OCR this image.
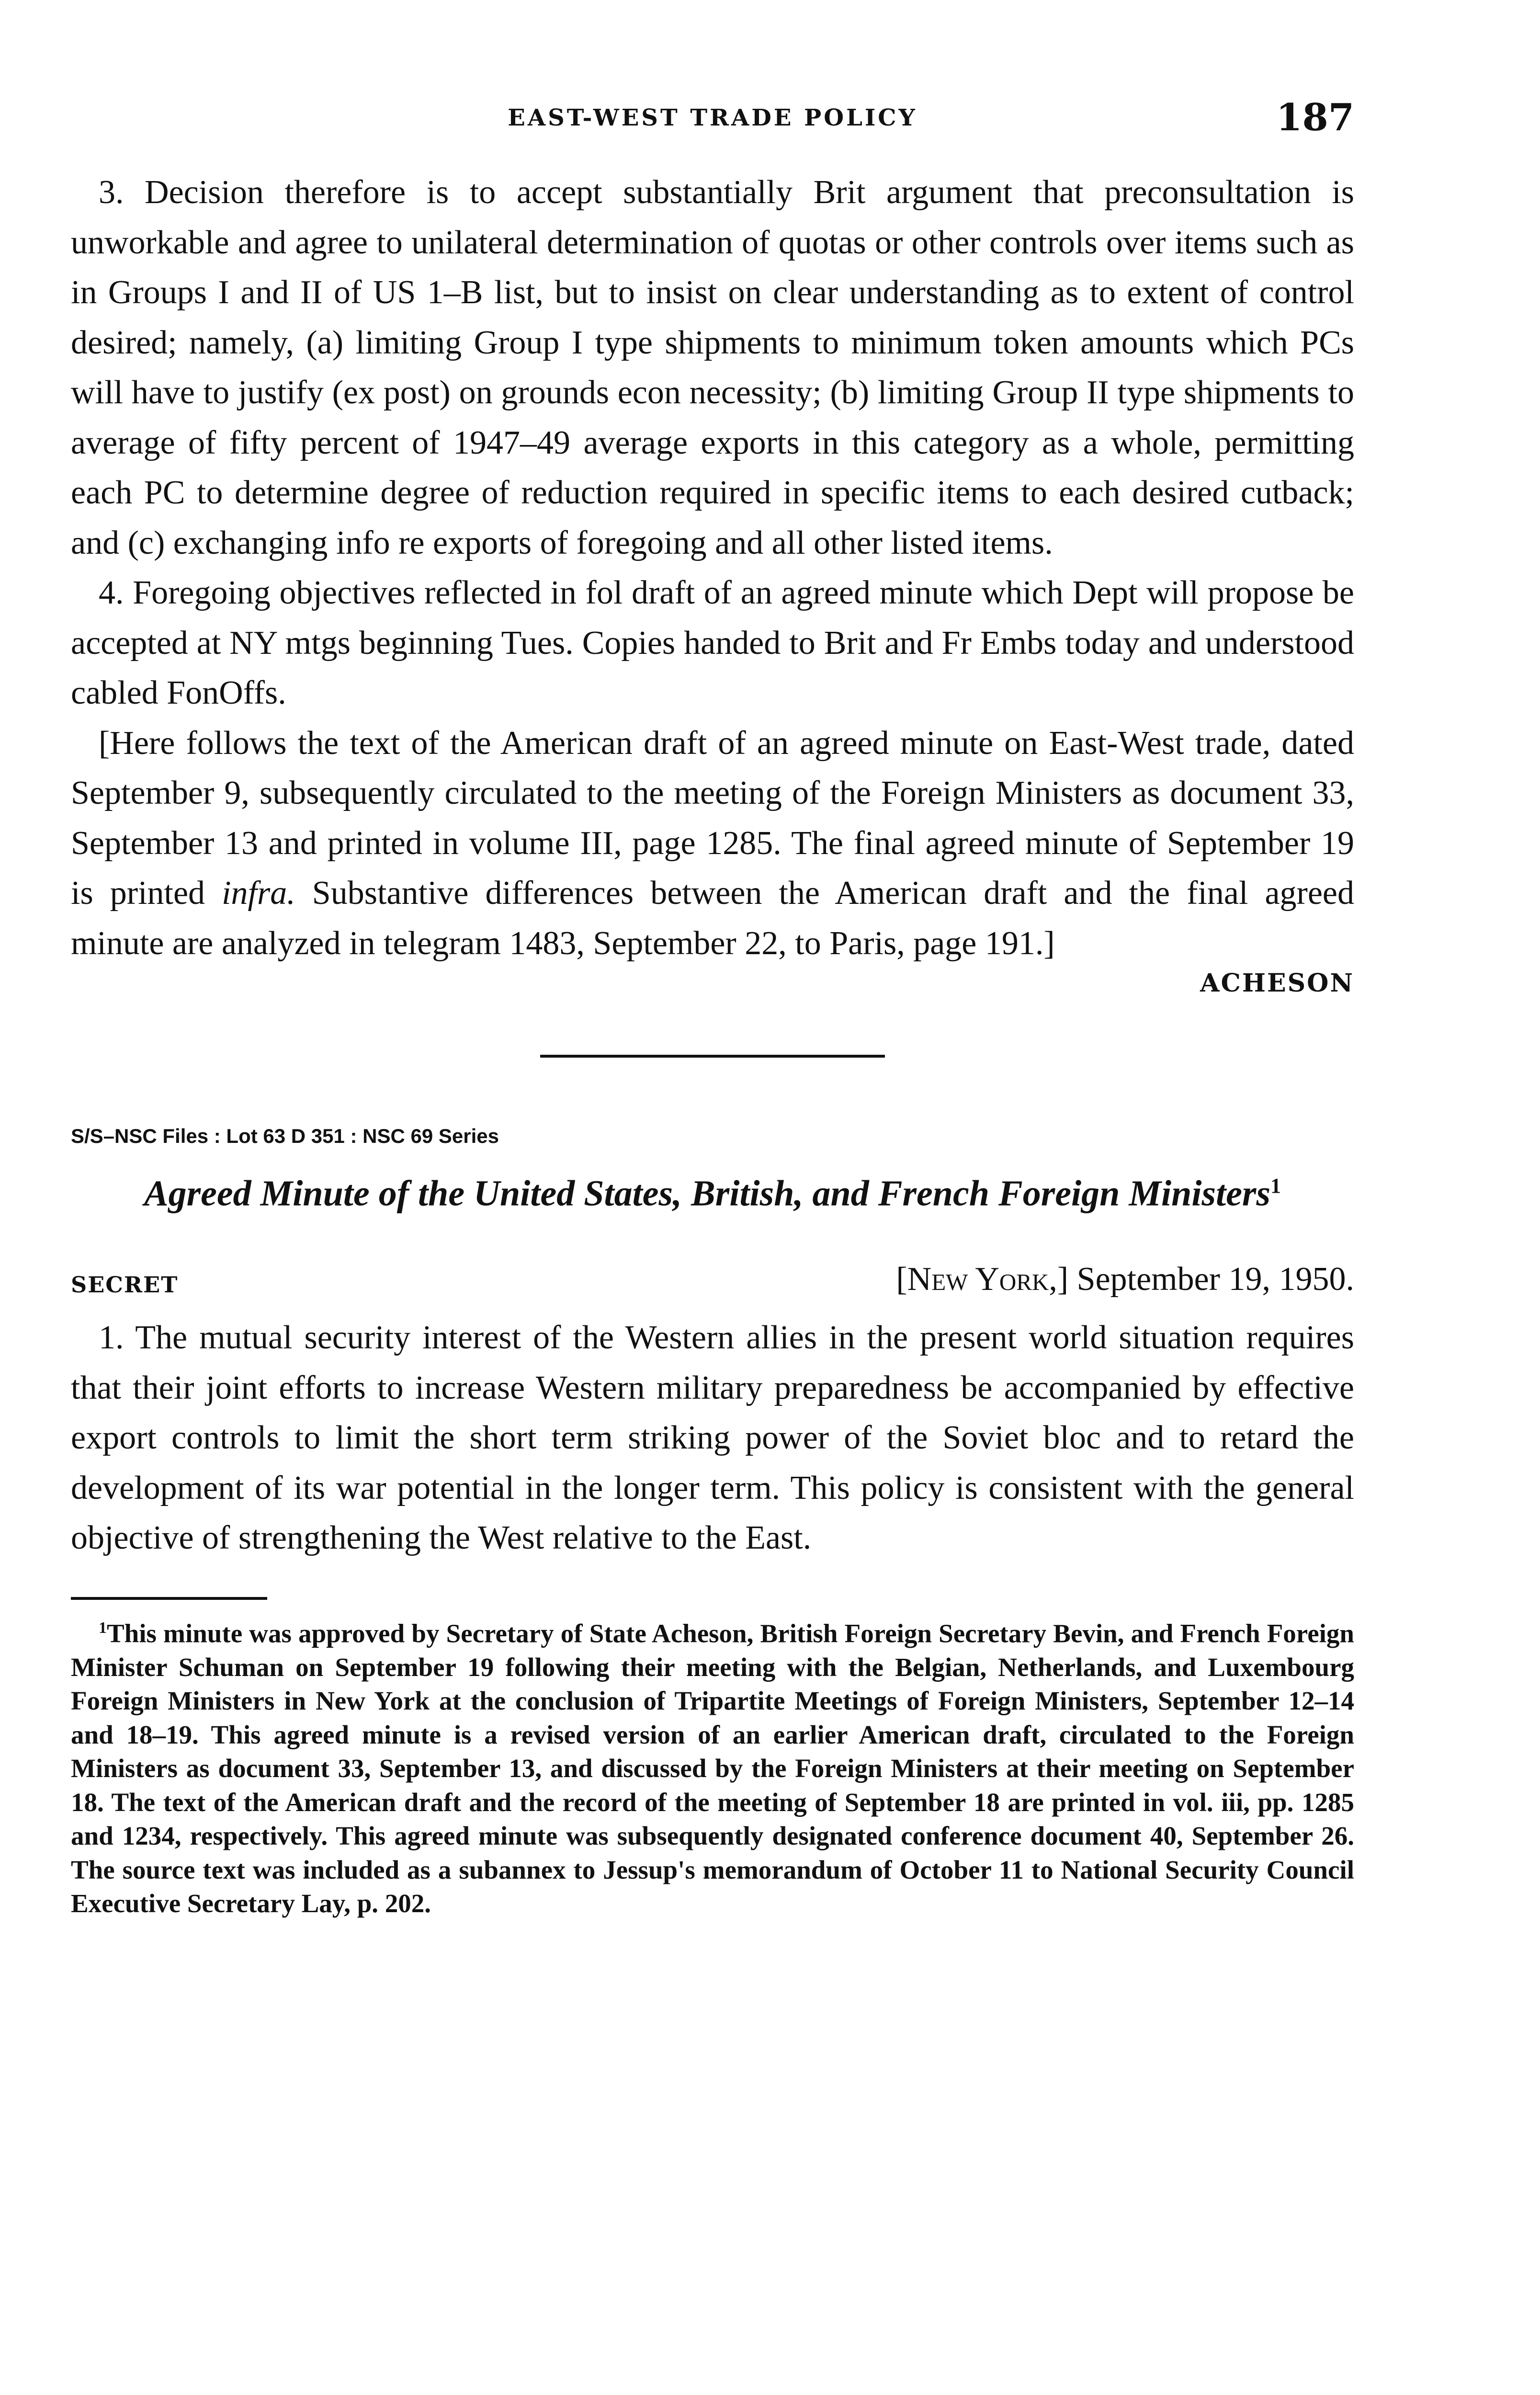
EAST-WEST TRADE POLICY	187

3. Decision therefore is to accept substantially Brit argument that preconsultation is unworkable and agree to unilateral determination of quotas or other controls over items such as in Groups I and II of US 1–B list, but to insist on clear understanding as to extent of control desired; namely, (a) limiting Group I type shipments to minimum token amounts which PCs will have to justify (ex post) on grounds econ necessity; (b) limiting Group II type shipments to average of fifty percent of 1947–49 average exports in this category as a whole, permitting each PC to determine degree of reduction required in specific items to each desired cutback; and (c) exchanging info re exports of foregoing and all other listed items.

4. Foregoing objectives reflected in fol draft of an agreed minute which Dept will propose be accepted at NY mtgs beginning Tues. Copies handed to Brit and Fr Embs today and understood cabled FonOffs.

[Here follows the text of the American draft of an agreed minute on East-West trade, dated September 9, subsequently circulated to the meeting of the Foreign Ministers as document 33, September 13 and printed in volume III, page 1285. The final agreed minute of September 19 is printed infra. Substantive differences between the American draft and the final agreed minute are analyzed in telegram 1483, September 22, to Paris, page 191.]

ACHESON
S/S–NSC Files : Lot 63 D 351 : NSC 69 Series
Agreed Minute of the United States, British, and French Foreign Ministers$^1$
SECRET	[New York,] September 19, 1950.

1. The mutual security interest of the Western allies in the present world situation requires that their joint efforts to increase Western military preparedness be accompanied by effective export controls to limit the short term striking power of the Soviet bloc and to retard the development of its war potential in the longer term. This policy is consistent with the general objective of strengthening the West relative to the East.

$^1$This minute was approved by Secretary of State Acheson, British Foreign Secretary Bevin, and French Foreign Minister Schuman on September 19 following their meeting with the Belgian, Netherlands, and Luxembourg Foreign Ministers in New York at the conclusion of Tripartite Meetings of Foreign Ministers, September 12–14 and 18–19. This agreed minute is a revised version of an earlier American draft, circulated to the Foreign Ministers as document 33, September 13, and discussed by the Foreign Ministers at their meeting on September 18. The text of the American draft and the record of the meeting of September 18 are printed in vol. iii, pp. 1285 and 1234, respectively. This agreed minute was subsequently designated conference document 40, September 26. The source text was included as a subannex to Jessup's memorandum of October 11 to National Security Council Executive Secretary Lay, p. 202.
